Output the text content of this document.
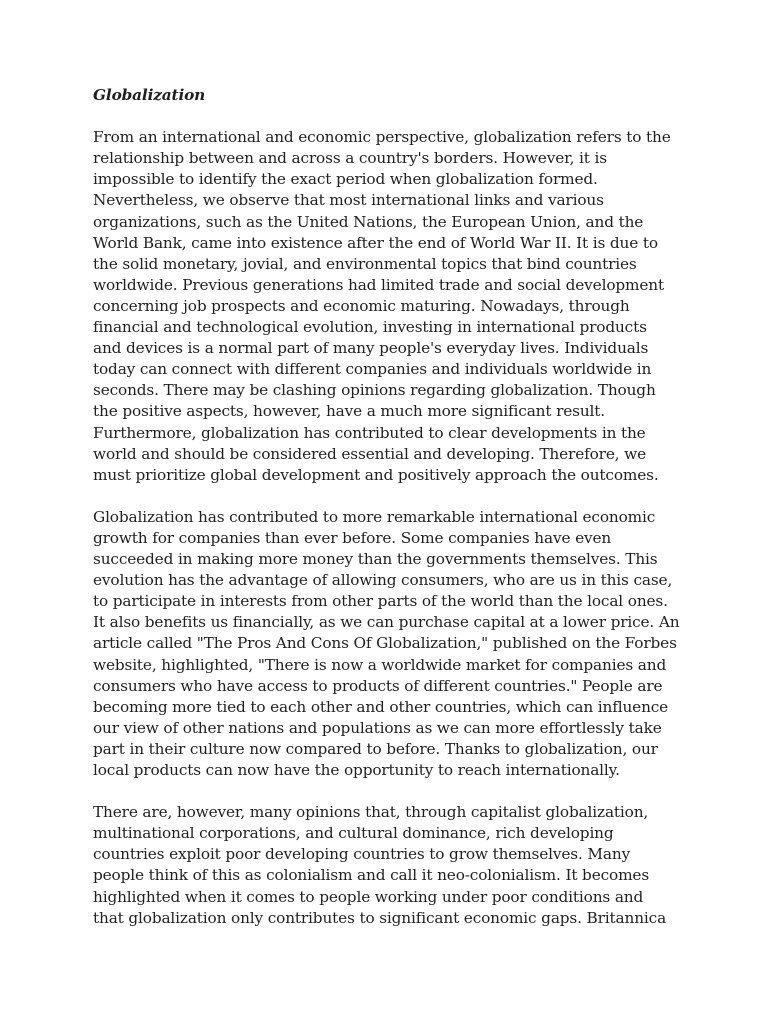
Globalization
From an international and economic perspective, globalization refers to the
relationship between and across a country's borders. However, it is
impossible to identify the exact period when globalization formed.
Nevertheless, we observe that most international links and various
organizations, such as the United Nations, the European Union, and the
World Bank, came into existence after the end of World War II. It is due to
the solid monetary, jovial, and environmental topics that bind countries
worldwide. Previous generations had limited trade and social development
concerning job prospects and economic maturing. Nowadays, through
financial and technological evolution, investing in international products
and devices is a normal part of many people's everyday lives. Individuals
today can connect with different companies and individuals worldwide in
seconds. There may be clashing opinions regarding globalization. Though
the positive aspects, however, have a much more significant result.
Furthermore, globalization has contributed to clear developments in the
world and should be considered essential and developing. Therefore, we
must prioritize global development and positively approach the outcomes.
Globalization has contributed to more remarkable international economic
growth for companies than ever before. Some companies have even
succeeded in making more money than the governments themselves. This
evolution has the advantage of allowing consumers, who are us in this case,
to participate in interests from other parts of the world than the local ones.
It also benefits us financially, as we can purchase capital at a lower price. An
article called "The Pros And Cons Of Globalization," published on the Forbes
website, highlighted, "There is now a worldwide market for companies and
consumers who have access to products of different countries." People are
becoming more tied to each other and other countries, which can influence
our view of other nations and populations as we can more effortlessly take
part in their culture now compared to before. Thanks to globalization, our
local products can now have the opportunity to reach internationally.
There are, however, many opinions that, through capitalist globalization,
multinational corporations, and cultural dominance, rich developing
countries exploit poor developing countries to grow themselves. Many
people think of this as colonialism and call it neo-colonialism. It becomes
highlighted when it comes to people working under poor conditions and
that globalization only contributes to significant economic gaps. Britannica
